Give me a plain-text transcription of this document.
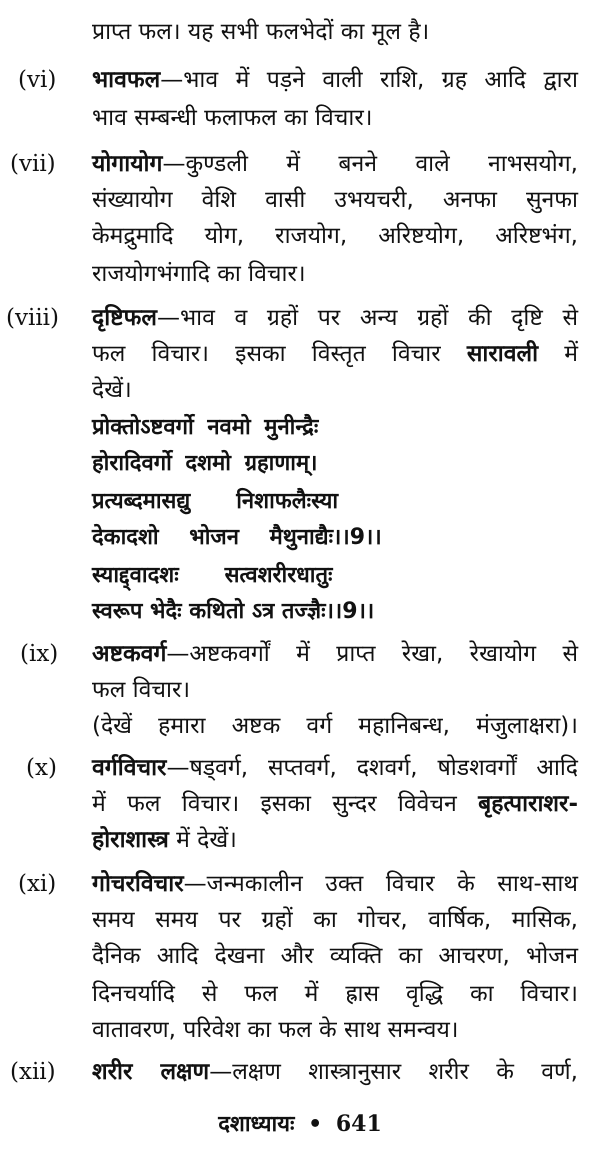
प्राप्त फल। यह सभी फलभेदों का मूल है।
(vi) भावफल—भाव में पड़ने वाली राशि, ग्रह आदि द्वारा
भाव सम्बन्धी फलाफल का विचार।
(vii) योगायोग—कुण्डली में बनने वाले नाभसयोग,
संख्यायोग वेशि वासी उभयचरी, अनफा सुनफा
केमद्रुमादि योग, राजयोग, अरिष्टयोग, अरिष्टभंग,
राजयोगभंगादि का विचार।
(viii) दृष्टिफल—भाव व ग्रहों पर अन्य ग्रहों की दृष्टि से
फल विचार। इसका विस्तृत विचार सारावली में
देखें।
प्रोक्तोऽष्टवर्गो नवमो मुनीन्द्रैः
होरादिवर्गो दशमो ग्रहाणाम्।
प्रत्यब्दमासद्यु      निशाफलैःस्या
देकादशो    भोजन    मैथुनाद्यैः।।9।।
स्याद्द्वादशः      सत्वशरीरधातुः
स्वरूप भेदैः कथितो ऽत्र तज्ज्ञैः।।9।।
(ix) अष्टकवर्ग—अष्टकवर्गों में प्राप्त रेखा, रेखायोग से
फल विचार।
(देखें हमारा अष्टक वर्ग महानिबन्ध, मंजुलाक्षरा)।
(x) वर्गविचार—षड्वर्ग, सप्तवर्ग, दशवर्ग, षोडशवर्गों आदि
में फल विचार। इसका सुन्दर विवेचन बृहत्पाराशर-
होराशास्त्र में देखें।
(xi) गोचरविचार—जन्मकालीन उक्त विचार के साथ-साथ
समय समय पर ग्रहों का गोचर, वार्षिक, मासिक,
दैनिक आदि देखना और व्यक्ति का आचरण, भोजन
दिनचर्यादि से फल में ह्रास वृद्धि का विचार।
वातावरण, परिवेश का फल के साथ समन्वय।
(xii) शरीर लक्षण—लक्षण शास्त्रानुसार शरीर के वर्ण,
दशाध्यायः • 641
